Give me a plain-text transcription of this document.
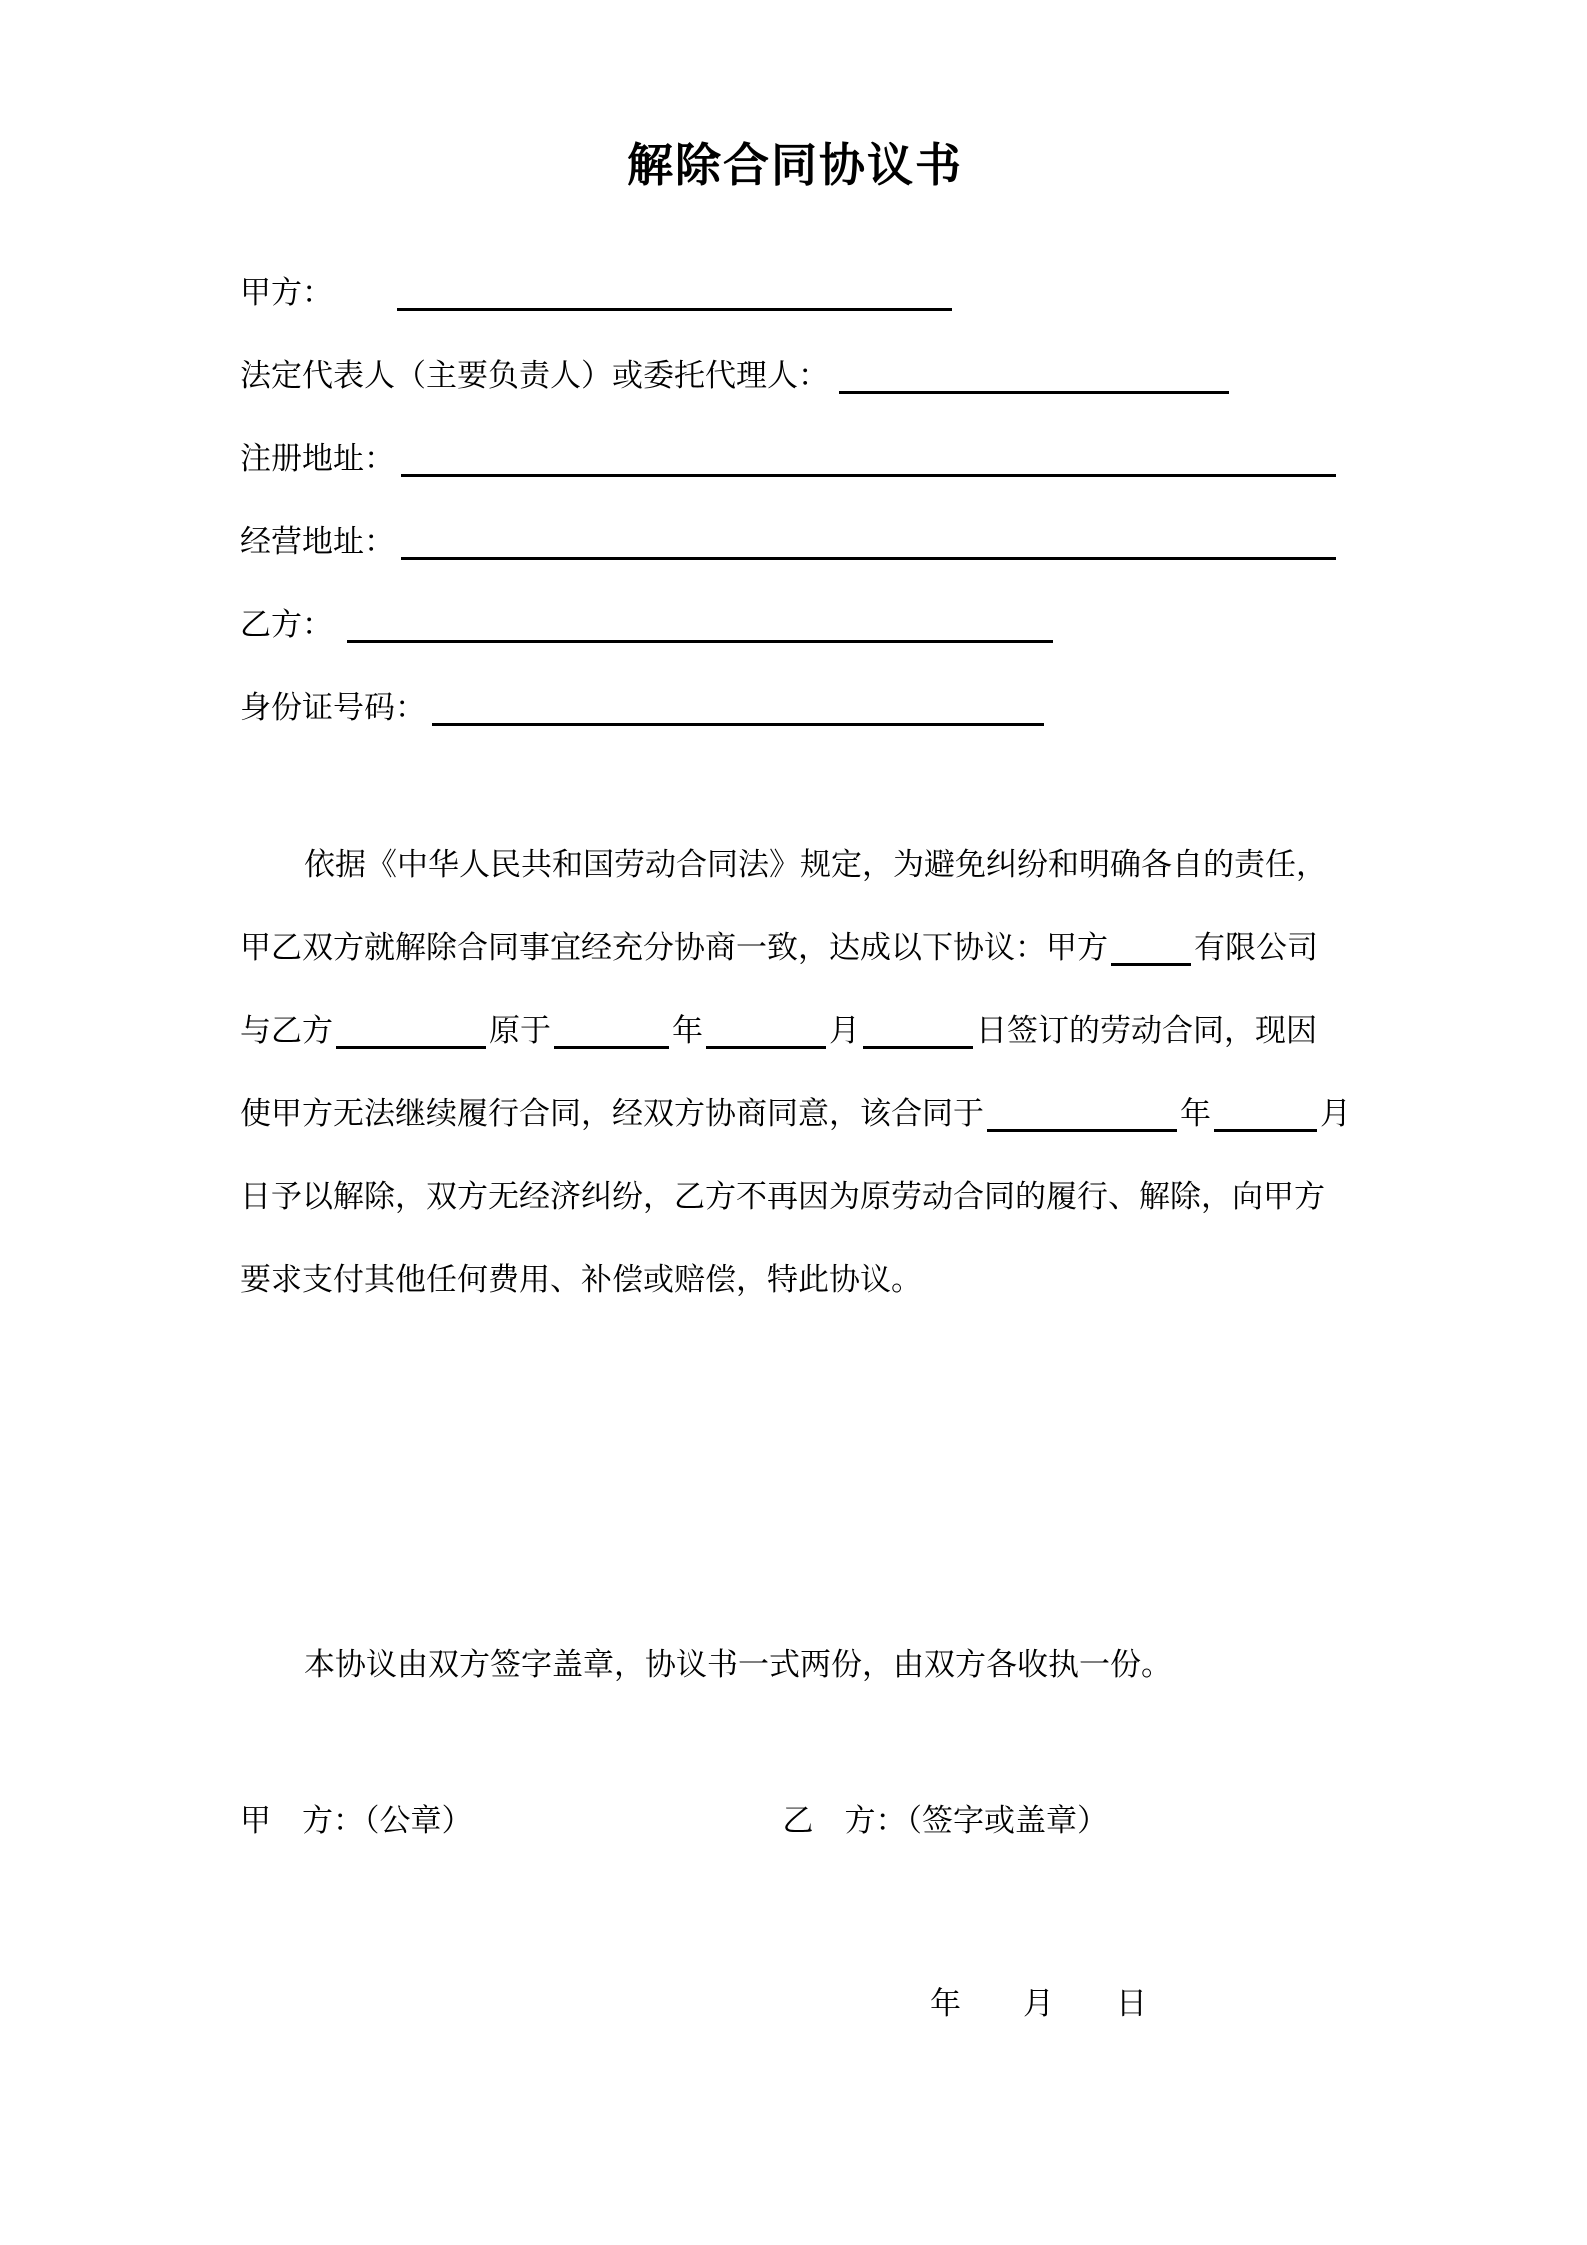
解除合同协议书
甲方：
法定代表人（主要负责人）或委托代理人：
注册地址：
经营地址：
乙方：
身份证号码：
依据《中华人民共和国劳动合同法》规定，为避免纠纷和明确各自的责任，
甲乙双方就解除合同事宜经充分协商一致，达成以下协议：甲方	有限公司
与乙方	原于	年	月	日签订的劳动合同，现因
使甲方无法继续履行合同，经双方协商同意，该合同于	年	月
日予以解除，双方无经济纠纷，乙方不再因为原劳动合同的履行、解除，向甲方
要求支付其他任何费用、补偿或赔偿，特此协议。
本协议由双方签字盖章，协议书一式两份，由双方各收执一份。
甲　方：（公章）	乙　方：（签字或盖章）
年 月 日
